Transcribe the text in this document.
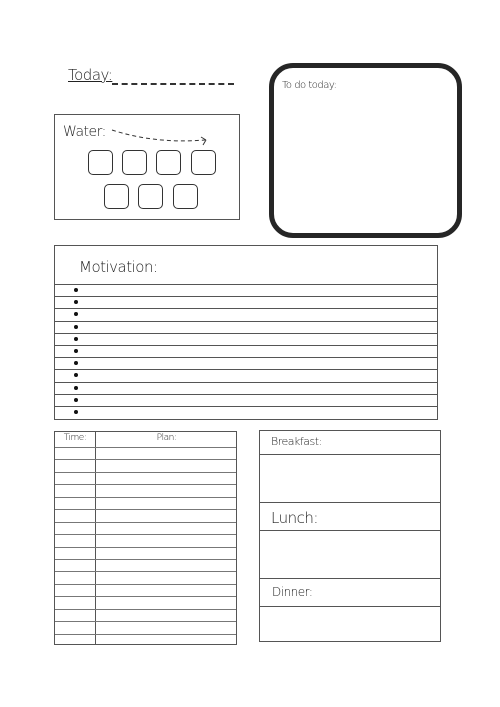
Today:
Water:
To do today:
Motivation:
Time:	Plan:	Breakfast:
Lunch:
Dinner:
